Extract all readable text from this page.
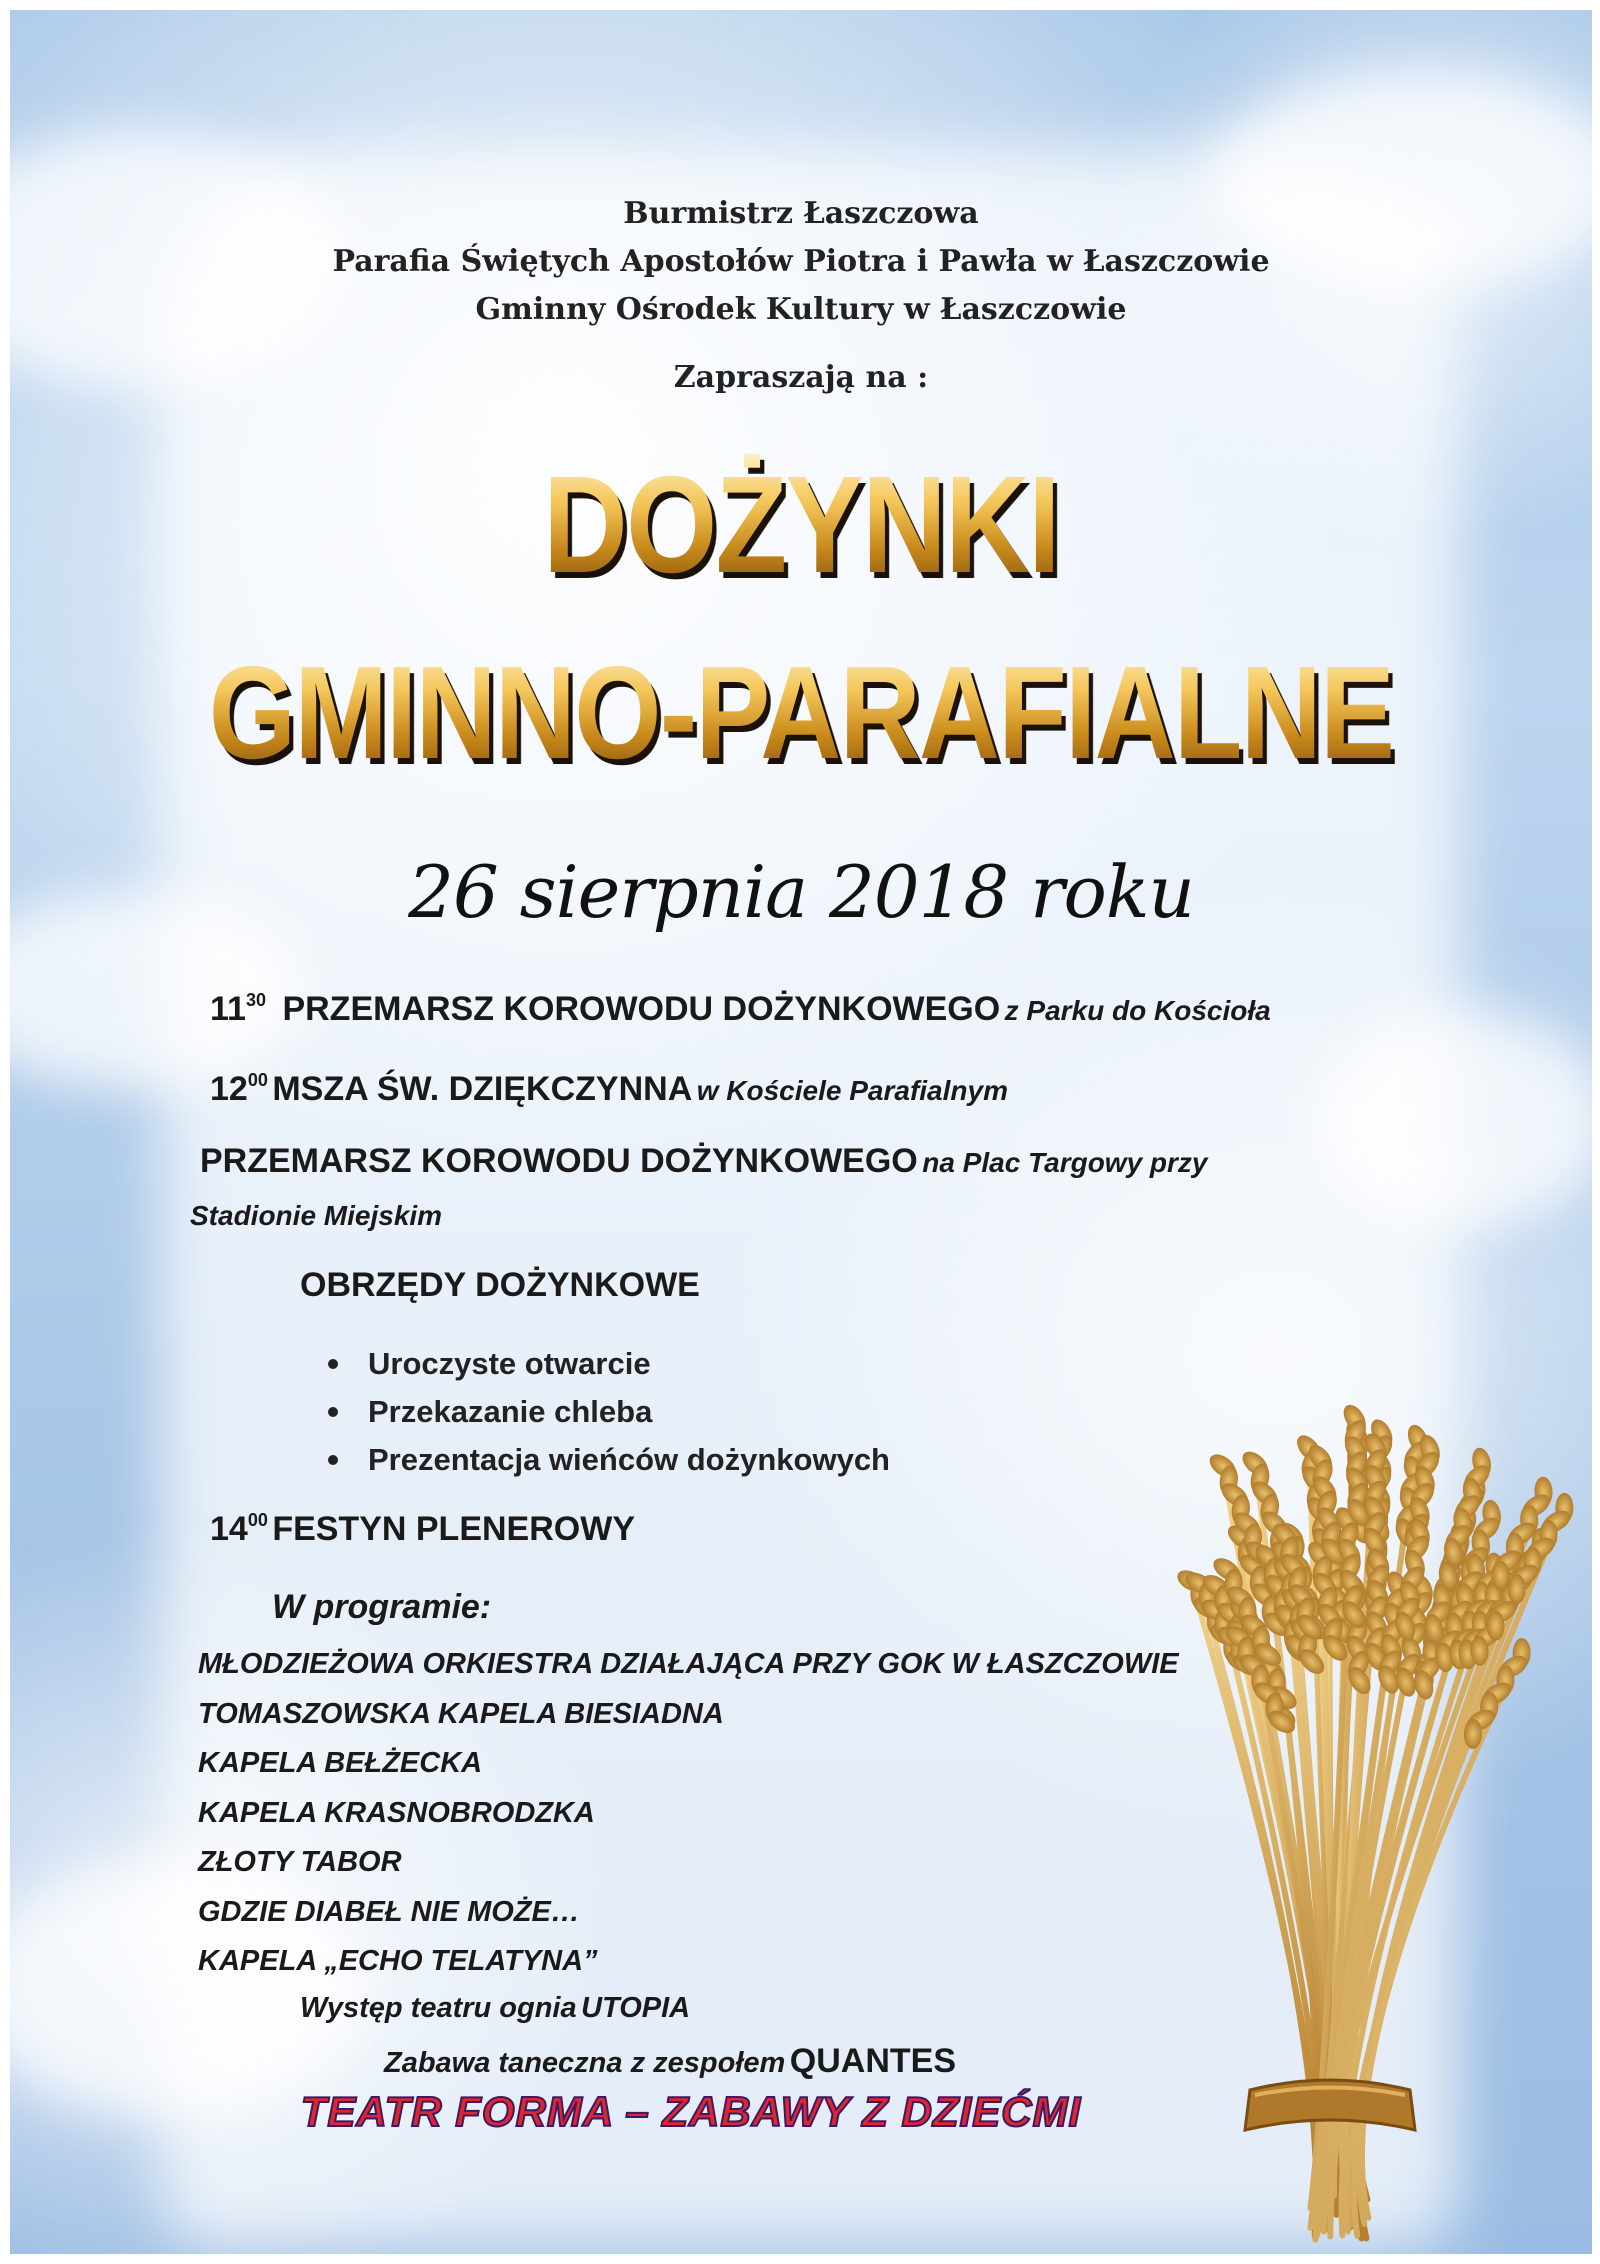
Burmistrz Łaszczowa
Parafia Świętych Apostołów Piotra i Pawła w Łaszczowie
Gminny Ośrodek Kultury w Łaszczowie
Zapraszają na :
DOŻYNKI
GMINNO-PARAFIALNE
26 sierpnia 2018 roku
$11^{30}$ PRZEMARSZ KOROWODU DOŻYNKOWEGO z Parku do Kościoła
$12^{00}$ MSZA ŚW. DZIĘKCZYNNA w Kościele Parafialnym
PRZEMARSZ KOROWODU DOŻYNKOWEGO na Plac Targowy przy
Stadionie Miejskim
OBRZĘDY DOŻYNKOWE
Uroczyste otwarcie
Przekazanie chleba
Prezentacja wieńców dożynkowych
$14^{00}$ FESTYN PLENEROWY
W programie:
MŁODZIEŻOWA ORKIESTRA DZIAŁAJĄCA PRZY GOK W ŁASZCZOWIE
TOMASZOWSKA KAPELA BIESIADNA
KAPELA BEŁŻECKA
KAPELA KRASNOBRODZKA
ZŁOTY TABOR
GDZIE DIABEŁ NIE MOŻE…
KAPELA „ECHO TELATYNA”
Występ teatru ognia UTOPIA
Zabawa taneczna z zespołem QUANTES
TEATR FORMA – ZABAWY Z DZIEĆMI
